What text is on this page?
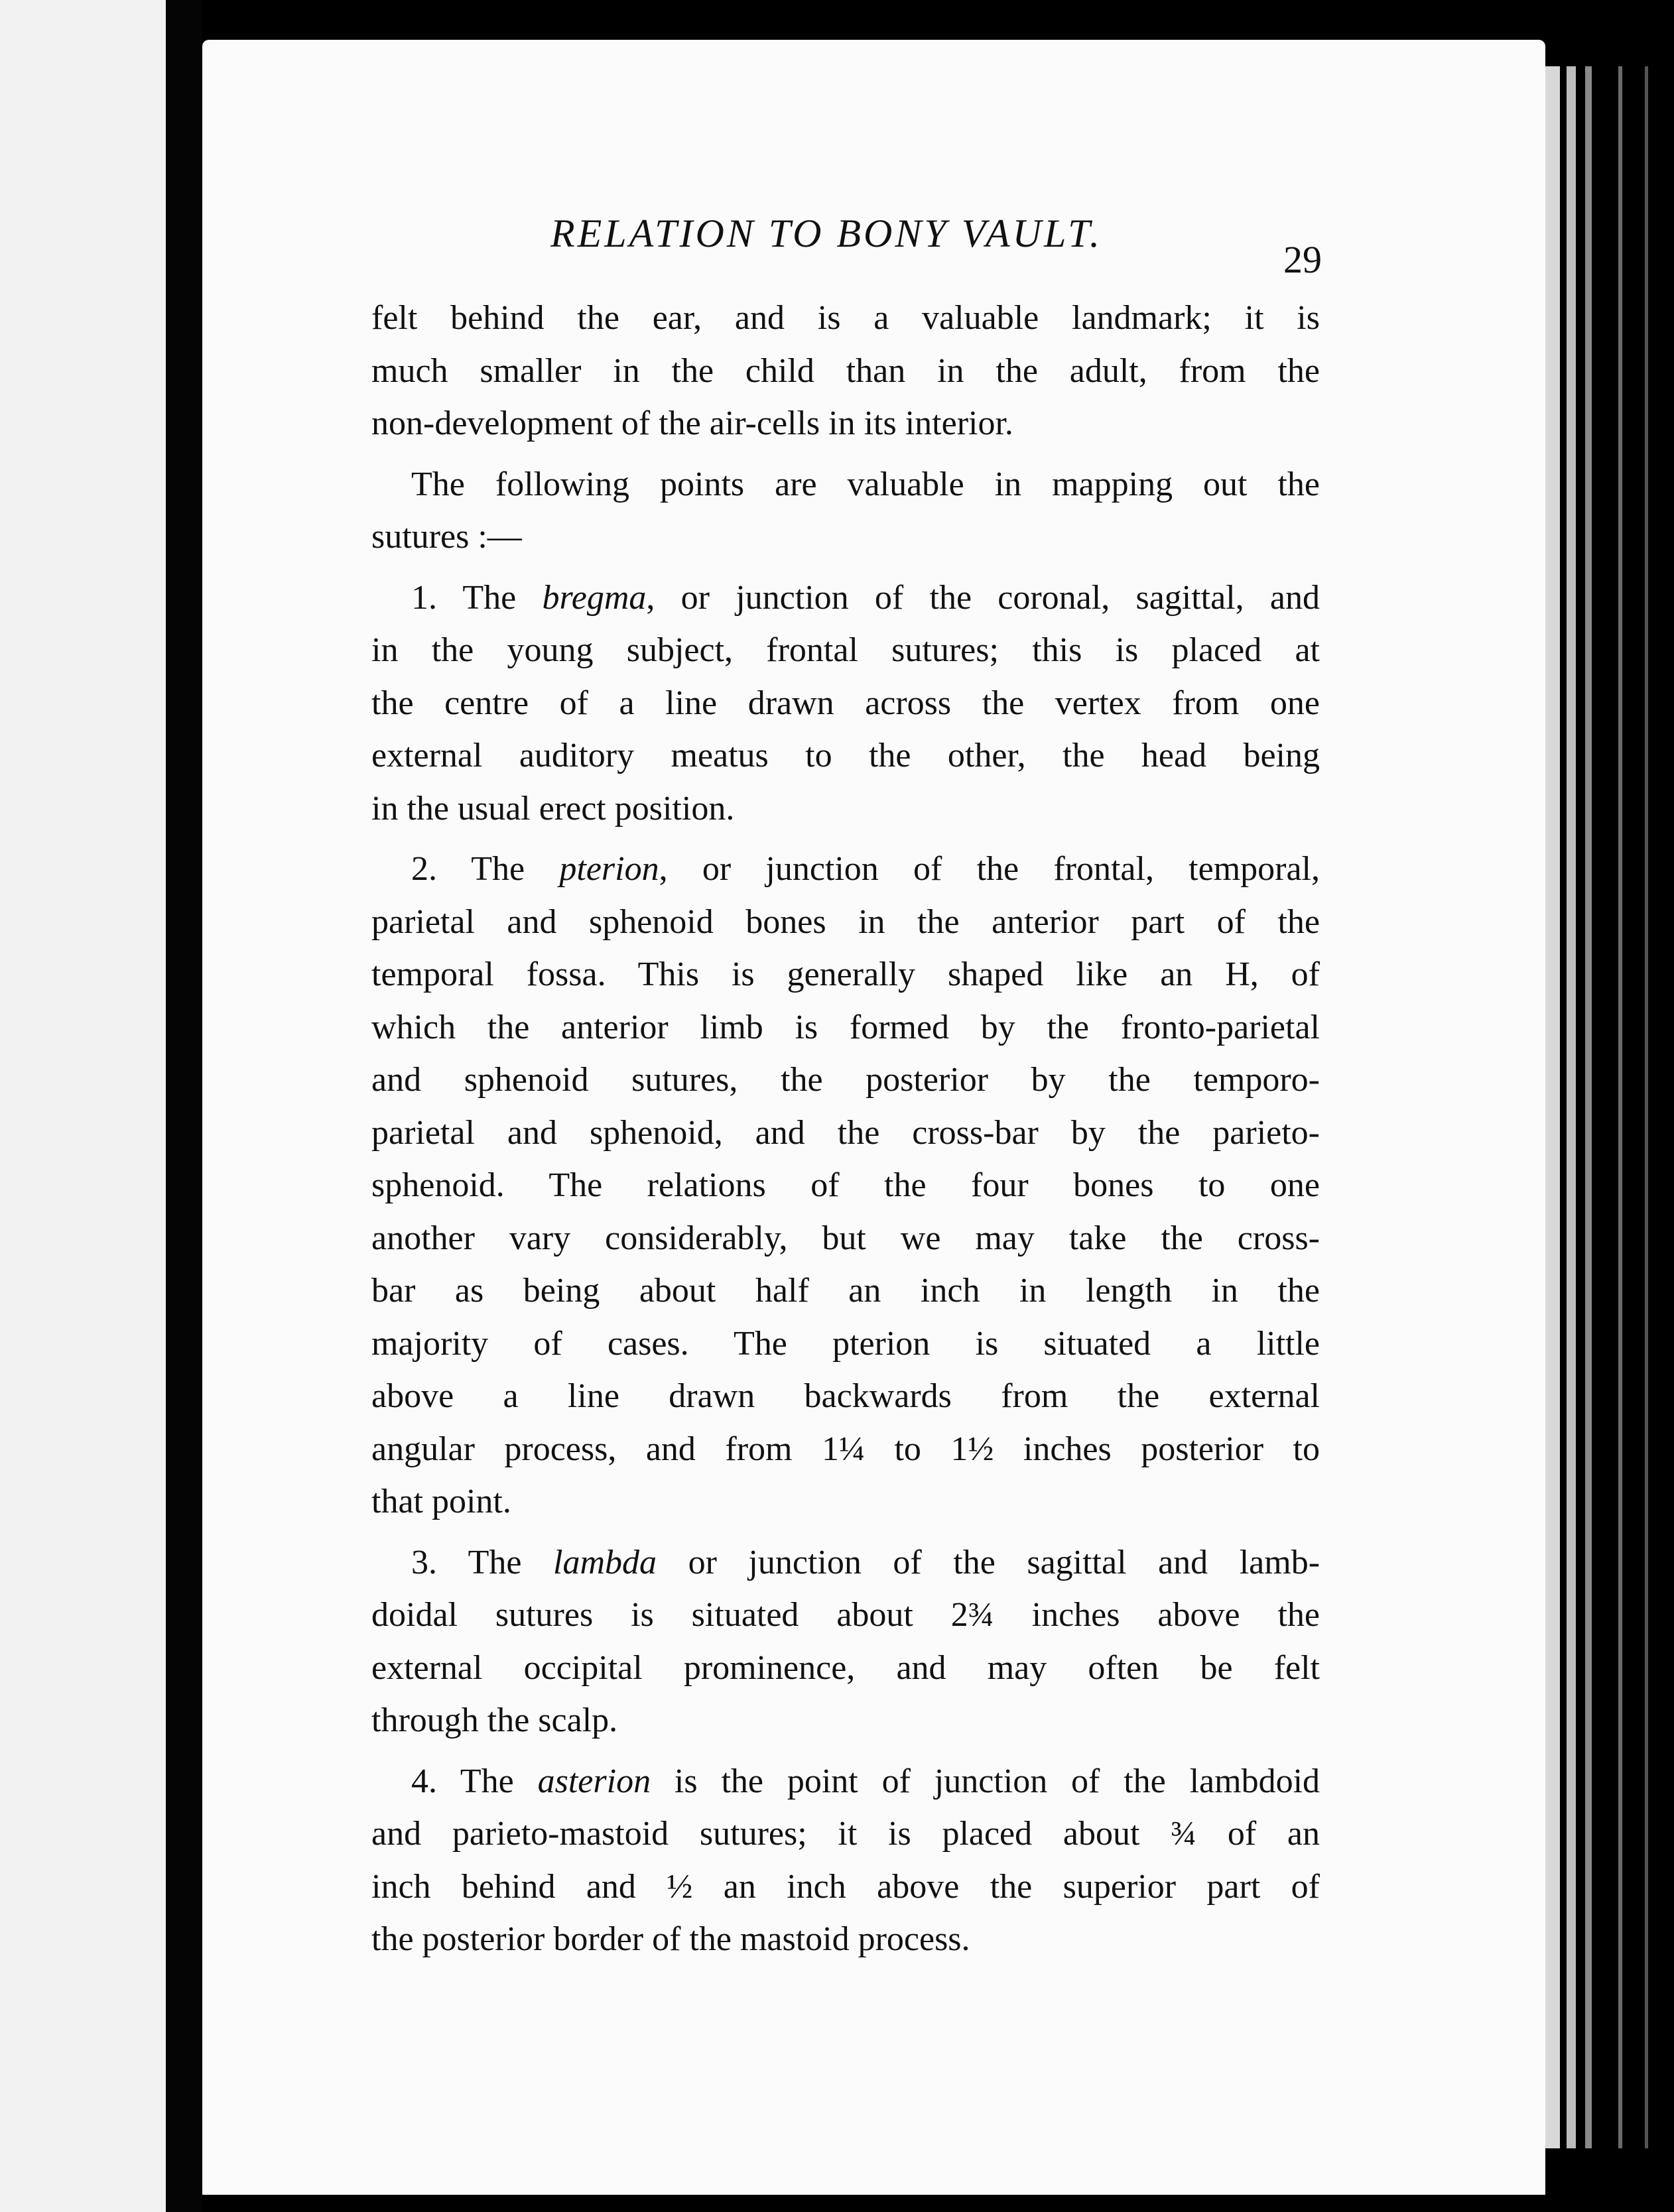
RELATION TO BONY VAULT.
29
felt behind the ear, and is a valuable landmark; it is
much smaller in the child than in the adult, from the
non-development of the air-cells in its interior.
The following points are valuable in mapping out the
sutures :—
1. The bregma, or junction of the coronal, sagittal, and
in the young subject, frontal sutures; this is placed at
the centre of a line drawn across the vertex from one
external auditory meatus to the other, the head being
in the usual erect position.
2. The pterion, or junction of the frontal, temporal,
parietal and sphenoid bones in the anterior part of the
temporal fossa. This is generally shaped like an H, of
which the anterior limb is formed by the fronto-parietal
and sphenoid sutures, the posterior by the temporo-
parietal and sphenoid, and the cross-bar by the parieto-
sphenoid. The relations of the four bones to one
another vary considerably, but we may take the cross-
bar as being about half an inch in length in the
majority of cases. The pterion is situated a little
above a line drawn backwards from the external
angular process, and from 1¼ to 1½ inches posterior to
that point.
3. The lambda or junction of the sagittal and lamb-
doidal sutures is situated about 2¾ inches above the
external occipital prominence, and may often be felt
through the scalp.
4. The asterion is the point of junction of the lambdoid
and parieto-mastoid sutures; it is placed about ¾ of an
inch behind and ½ an inch above the superior part of
the posterior border of the mastoid process.
